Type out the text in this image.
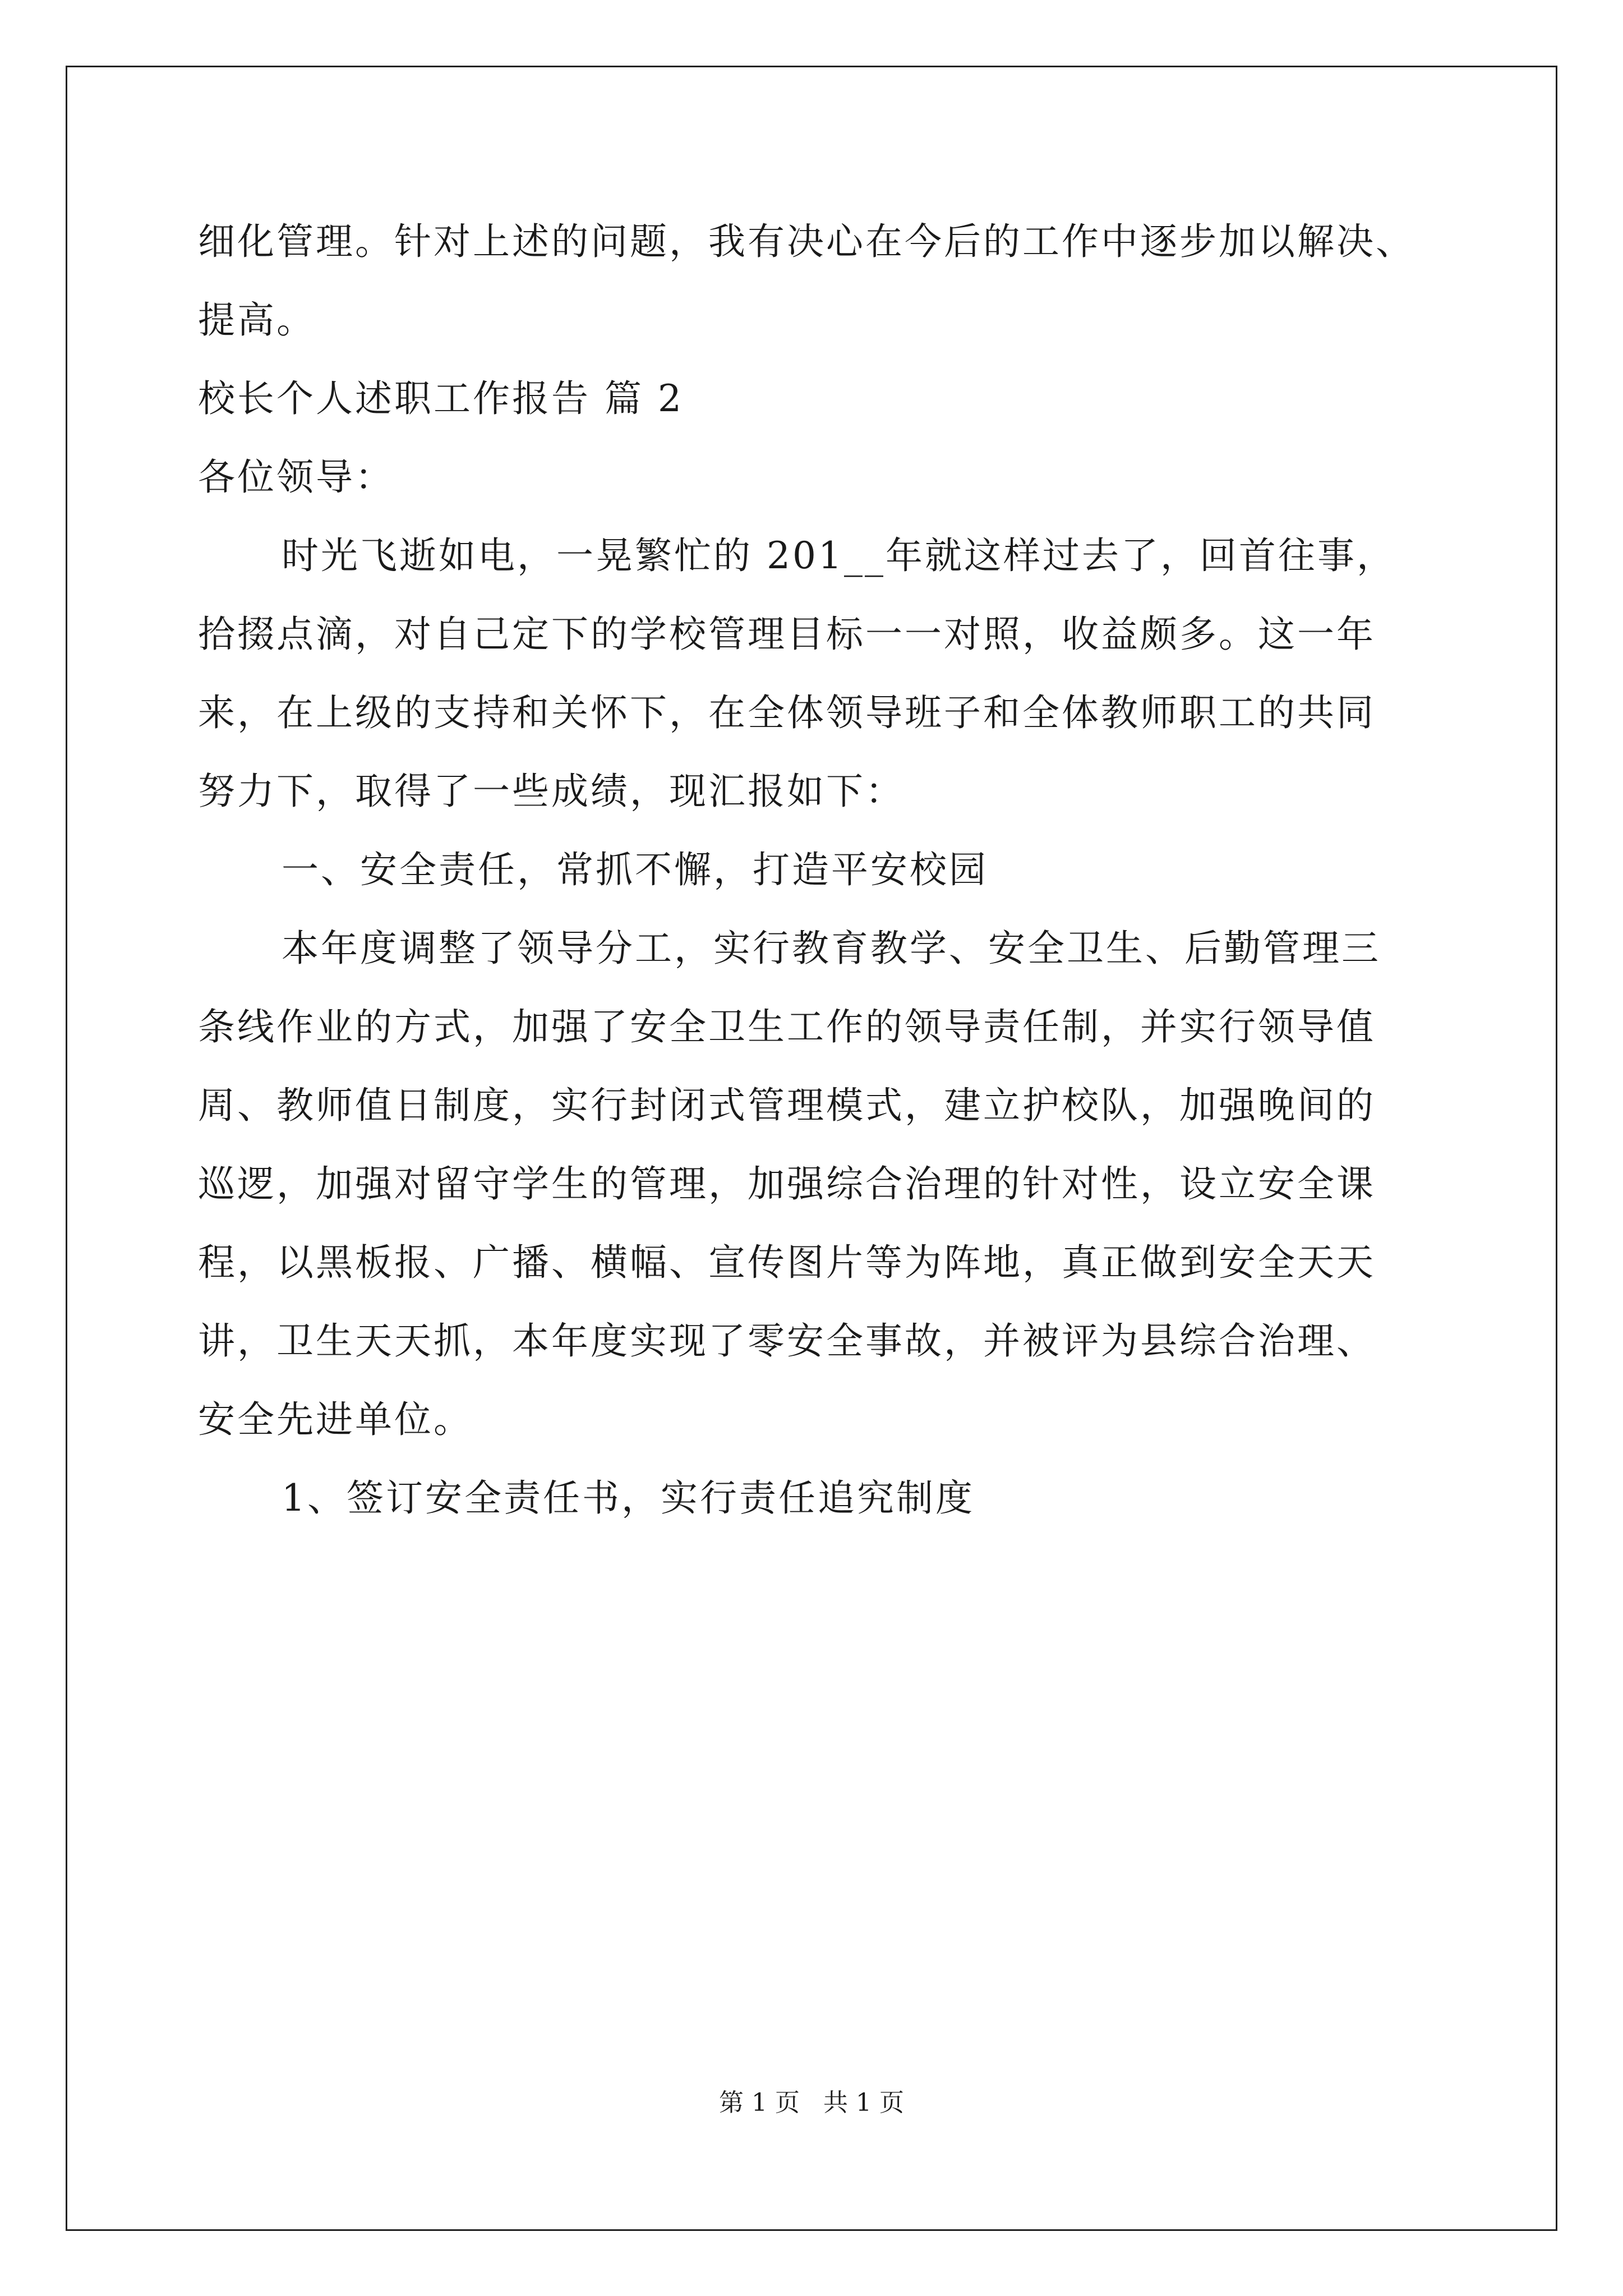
细化管理。针对上述的问题，我有决心在今后的工作中逐步加以解决、
提高。
校长个人述职工作报告 篇 2
各位领导：
时光飞逝如电，一晃繁忙的 201__年就这样过去了，回首往事，
拾掇点滴，对自己定下的学校管理目标一一对照，收益颇多。这一年
来，在上级的支持和关怀下，在全体领导班子和全体教师职工的共同
努力下，取得了一些成绩，现汇报如下：
一、安全责任，常抓不懈，打造平安校园
本年度调整了领导分工，实行教育教学、安全卫生、后勤管理三
条线作业的方式，加强了安全卫生工作的领导责任制，并实行领导值
周、教师值日制度，实行封闭式管理模式，建立护校队，加强晚间的
巡逻，加强对留守学生的管理，加强综合治理的针对性，设立安全课
程，以黑板报、广播、横幅、宣传图片等为阵地，真正做到安全天天
讲，卫生天天抓，本年度实现了零安全事故，并被评为县综合治理、
安全先进单位。
1、签订安全责任书，实行责任追究制度
第 1 页   共 1 页
